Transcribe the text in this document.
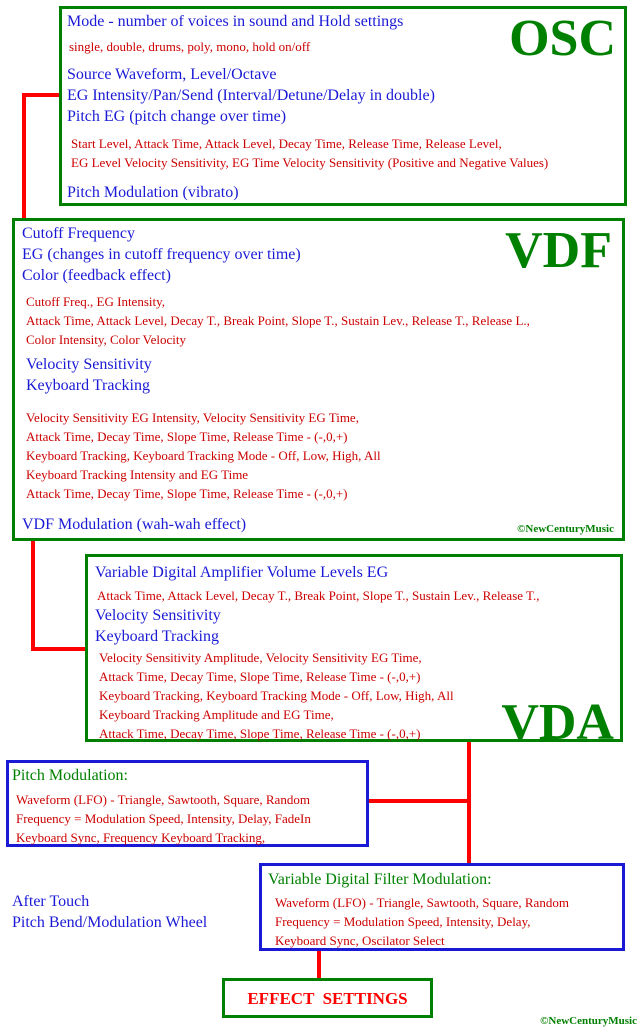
OSC

Mode - number of voices in sound and Hold settings

single, double, drums, poly, mono, hold on/off

Source Waveform, Level/Octave

EG Intensity/Pan/Send (Interval/Detune/Delay in double)

Pitch EG (pitch change over time)

Start Level, Attack Time, Attack Level, Decay Time, Release Time, Release Level,

EG Level Velocity Sensitivity, EG Time Velocity Sensitivity (Positive and Negative Values)

Pitch Modulation (vibrato)

VDF

Cutoff Frequency

EG (changes in cutoff frequency over time)

Color (feedback effect)

Cutoff Freq., EG Intensity,

Attack Time, Attack Level, Decay T., Break Point, Slope T., Sustain Lev., Release T., Release L.,

Color Intensity, Color Velocity

Velocity Sensitivity

Keyboard Tracking

Velocity Sensitivity EG Intensity, Velocity Sensitivity EG Time,

Attack Time, Decay Time, Slope Time, Release Time - (-,0,+)

Keyboard Tracking, Keyboard Tracking Mode - Off, Low, High, All

Keyboard Tracking Intensity and EG Time

Attack Time, Decay Time, Slope Time, Release Time - (-,0,+)

VDF Modulation (wah-wah effect)	©NewCenturyMusic
VDA

Variable Digital Amplifier Volume Levels EG

Attack Time, Attack Level, Decay T., Break Point, Slope T., Sustain Lev., Release T.,

Velocity Sensitivity

Keyboard Tracking

Velocity Sensitivity Amplitude, Velocity Sensitivity EG Time,

Attack Time, Decay Time, Slope Time, Release Time - (-,0,+)

Keyboard Tracking, Keyboard Tracking Mode - Off, Low, High, All

Keyboard Tracking Amplitude and EG Time,

Attack Time, Decay Time, Slope Time, Release Time - (-,0,+)

Pitch Modulation:

Waveform (LFO) - Triangle, Sawtooth, Square, Random

Frequency = Modulation Speed, Intensity, Delay, FadeIn

Keyboard Sync, Frequency Keyboard Tracking,

After Touch

Pitch Bend/Modulation Wheel

Variable Digital Filter Modulation:

Waveform (LFO) - Triangle, Sawtooth, Square, Random

Frequency = Modulation Speed, Intensity, Delay,

Keyboard Sync, Oscilator Select

EFFECT  SETTINGS
©NewCenturyMusic
